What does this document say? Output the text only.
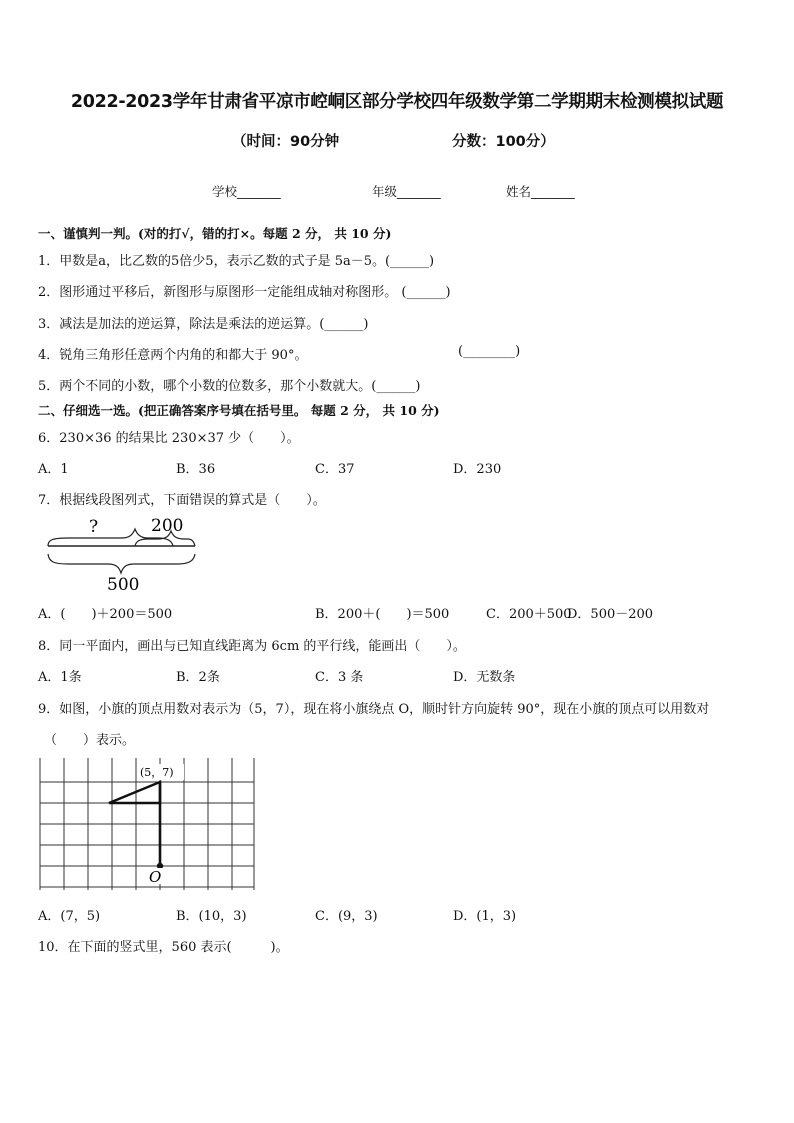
2022-2023学年甘肃省平凉市崆峒区部分学校四年级数学第二学期期末检测模拟试题
（时间：90分钟	分数：100分）
学校_______	年级_______	姓名_______
一、谨慎判一判。(对的打√，错的打×。每题 2 分， 共 10 分)
1．甲数是a，比乙数的5倍少5，表示乙数的式子是 5a－5。(______)
2．图形通过平移后，新图形与原图形一定能组成轴对称图形。 (______)
3．减法是加法的逆运算，除法是乘法的逆运算。(______)
4．锐角三角形任意两个内角的和都大于 90°。	(________)
5．两个不同的小数，哪个小数的位数多，那个小数就大。(______)
二、仔细选一选。(把正确答案序号填在括号里。 每题 2 分， 共 10 分)
6．230×36 的结果比 230×37 少（　　）。
A．1	B．36	C．37	D．230
7．根据线段图列式，下面错误的算式是（　　）。
?	200
500
A．(　　)＋200＝500	B．200＋(　　)＝500	C．200＋500
D．500－200
8．同一平面内，画出与已知直线距离为 6cm 的平行线，能画出（　　）。
A．1条	B．2条	C．3 条	D．无数条
9．如图，小旗的顶点用数对表示为（5，7），现在将小旗绕点 O，顺时针方向旋转 90°，现在小旗的顶点可以用数对
（　　）表示。
(5，7)
O
A．(7，5)	B．(10，3)	C．(9，3)	D．(1，3)
10．在下面的竖式里，560 表示(　　　)。
